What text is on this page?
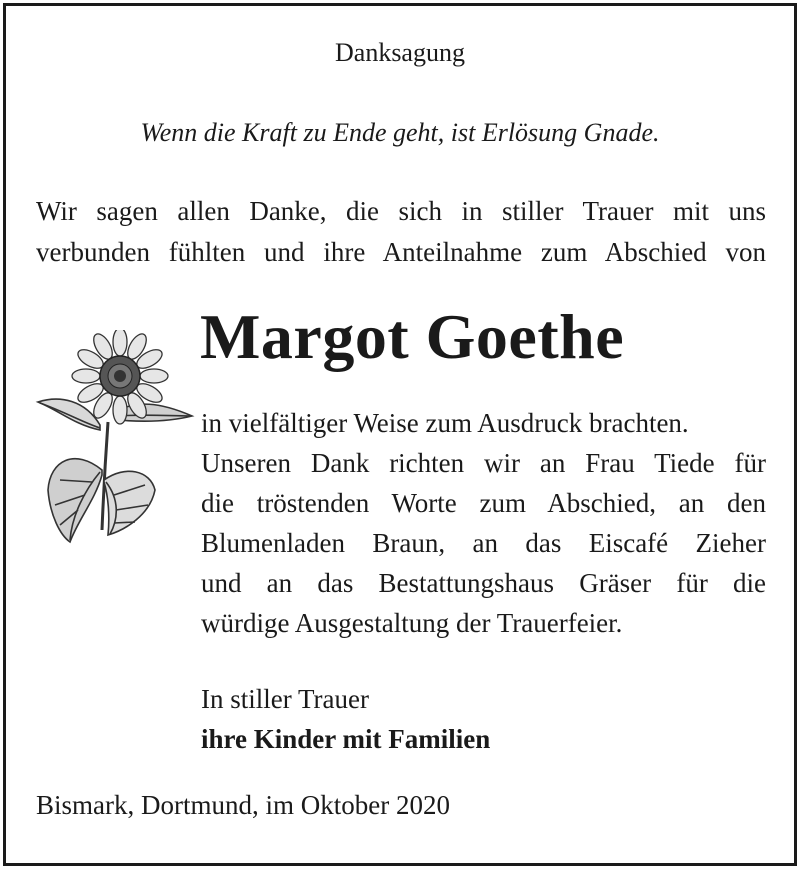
Danksagung

Wenn die Kraft zu Ende geht, ist Erlösung Gnade.

Wir sagen allen Danke, die sich in stiller Trauer mit uns

verbunden fühlten und ihre Anteilnahme zum Abschied von

Margot Goethe

in vielfältiger Weise zum Ausdruck brachten.

Unseren Dank richten wir an Frau Tiede für

die tröstenden Worte zum Abschied, an den

Blumenladen Braun, an das Eiscafé Zieher

und an das Bestattungshaus Gräser für die

würdige Ausgestaltung der Trauerfeier.

In stiller Trauer

ihre Kinder mit Familien

Bismark, Dortmund, im Oktober 2020
